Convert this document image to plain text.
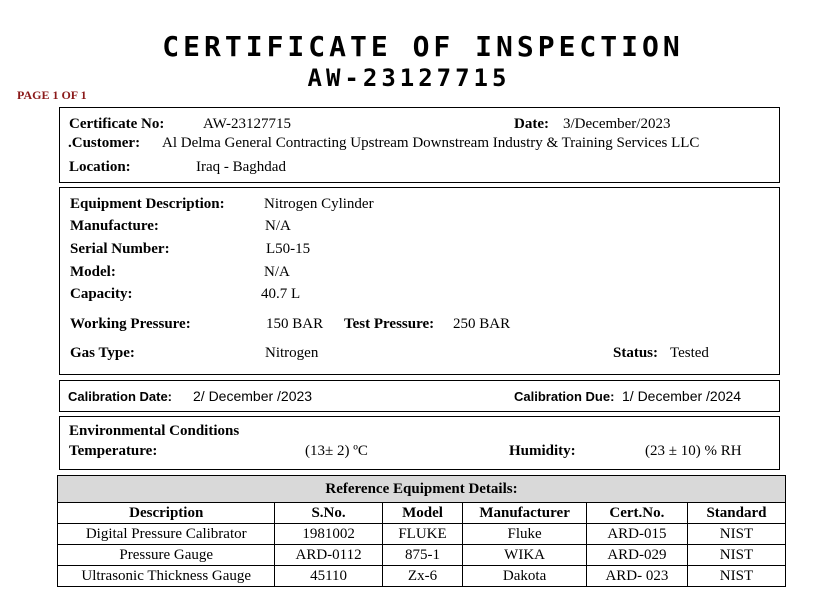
CERTIFICATE OF INSPECTION
AW-23127715
PAGE 1 OF 1
Certificate No:	AW-23127715	Date: 3/December/2023
.Customer: Al Delma General Contracting Upstream Downstream Industry & Training Services LLC
Location:	Iraq - Baghdad
Equipment Description:	Nitrogen Cylinder
Manufacture:	N/A
Serial Number:	L50-15
Model:	N/A
Capacity:	40.7 L
Working Pressure:	150 BAR Test Pressure: 250 BAR
Gas Type:	Nitrogen	Status: Tested
Calibration Date: 2/ December /2023	Calibration Due: 1/ December /2024
Environmental Conditions
Temperature:	(13± 2) ºC	Humidity:	(23 ± 10) % RH
Reference Equipment Details:					
Description	S.No.	Model	Manufacturer	Cert.No.	Standard
Digital Pressure Calibrator	1981002	FLUKE	Fluke	ARD-015	NIST
Pressure Gauge	ARD-0112	875-1	WIKA	ARD-029	NIST
Ultrasonic Thickness Gauge	45110	Zx-6	Dakota	ARD- 023	NIST
